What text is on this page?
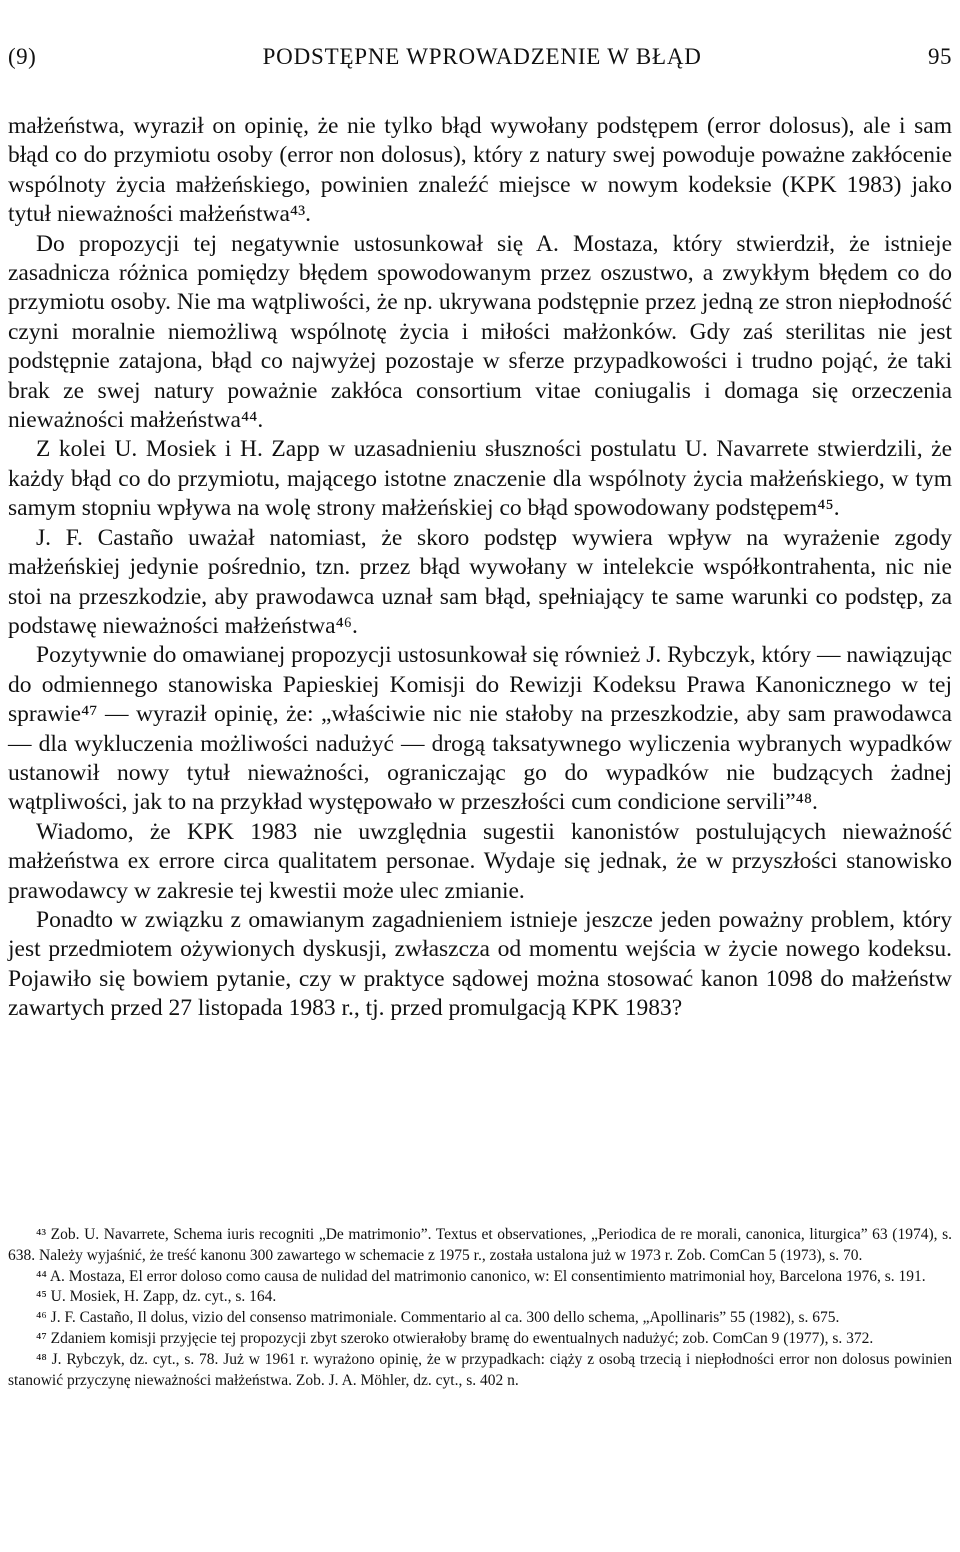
(9)	PODSTĘPNE WPROWADZENIE W BŁĄD	95

małżeństwa, wyraził on opinię, że nie tylko błąd wywołany podstępem (error dolosus), ale i sam błąd co do przymiotu osoby (error non dolosus), który z natury swej powoduje poważne zakłócenie wspólnoty życia małżeńskiego, powinien znaleźć miejsce w nowym kodeksie (KPK 1983) jako tytuł nieważności małżeństwa⁴³.

Do propozycji tej negatywnie ustosunkował się A. Mostaza, który stwierdził, że istnieje zasadnicza różnica pomiędzy błędem spowodowanym przez oszustwo, a zwykłym błędem co do przymiotu osoby. Nie ma wątpliwości, że np. ukrywana podstępnie przez jedną ze stron niepłodność czyni moralnie niemożliwą wspólnotę życia i miłości małżonków. Gdy zaś sterilitas nie jest podstępnie zatajona, błąd co najwyżej pozostaje w sferze przypadkowości i trudno pojąć, że taki brak ze swej natury poważnie zakłóca consortium vitae coniugalis i domaga się orzeczenia nieważności małżeństwa⁴⁴.

Z kolei U. Mosiek i H. Zapp w uzasadnieniu słuszności postulatu U. Navarrete stwierdzili, że każdy błąd co do przymiotu, mającego istotne znaczenie dla wspólnoty życia małżeńskiego, w tym samym stopniu wpływa na wolę strony małżeńskiej co błąd spowodowany podstępem⁴⁵.

J. F. Castaño uważał natomiast, że skoro podstęp wywiera wpływ na wyrażenie zgody małżeńskiej jedynie pośrednio, tzn. przez błąd wywołany w intelekcie współkontrahenta, nic nie stoi na przeszkodzie, aby prawodawca uznał sam błąd, spełniający te same warunki co podstęp, za podstawę nieważności małżeństwa⁴⁶.

Pozytywnie do omawianej propozycji ustosunkował się również J. Rybczyk, który — nawiązując do odmiennego stanowiska Papieskiej Komisji do Rewizji Kodeksu Prawa Kanonicznego w tej sprawie⁴⁷ — wyraził opinię, że: „właściwie nic nie stałoby na przeszkodzie, aby sam prawodawca — dla wykluczenia możliwości nadużyć — drogą taksatywnego wyliczenia wybranych wypadków ustanowił nowy tytuł nieważności, ograniczając go do wypadków nie budzących żadnej wątpliwości, jak to na przykład występowało w przeszłości cum condicione servili”⁴⁸.

Wiadomo, że KPK 1983 nie uwzględnia sugestii kanonistów postulujących nieważność małżeństwa ex errore circa qualitatem personae. Wydaje się jednak, że w przyszłości stanowisko prawodawcy w zakresie tej kwestii może ulec zmianie.

Ponadto w związku z omawianym zagadnieniem istnieje jeszcze jeden poważny problem, który jest przedmiotem ożywionych dyskusji, zwłaszcza od momentu wejścia w życie nowego kodeksu. Pojawiło się bowiem pytanie, czy w praktyce sądowej można stosować kanon 1098 do małżeństw zawartych przed 27 listopada 1983 r., tj. przed promulgacją KPK 1983?

⁴³ Zob. U. Navarrete, Schema iuris recogniti „De matrimonio”. Textus et observationes, „Periodica de re morali, canonica, liturgica” 63 (1974), s. 638. Należy wyjaśnić, że treść kanonu 300 zawartego w schemacie z 1975 r., została ustalona już w 1973 r. Zob. ComCan 5 (1973), s. 70.

⁴⁴ A. Mostaza, El error doloso como causa de nulidad del matrimonio canonico, w: El consentimiento matrimonial hoy, Barcelona 1976, s. 191.

⁴⁵ U. Mosiek, H. Zapp, dz. cyt., s. 164.

⁴⁶ J. F. Castaño, Il dolus, vizio del consenso matrimoniale. Commentario al ca. 300 dello schema, „Apollinaris” 55 (1982), s. 675.

⁴⁷ Zdaniem komisji przyjęcie tej propozycji zbyt szeroko otwierałoby bramę do ewentualnych nadużyć; zob. ComCan 9 (1977), s. 372.

⁴⁸ J. Rybczyk, dz. cyt., s. 78. Już w 1961 r. wyrażono opinię, że w przypadkach: ciąży z osobą trzecią i niepłodności error non dolosus powinien stanowić przyczynę nieważności małżeństwa. Zob. J. A. Möhler, dz. cyt., s. 402 n.
